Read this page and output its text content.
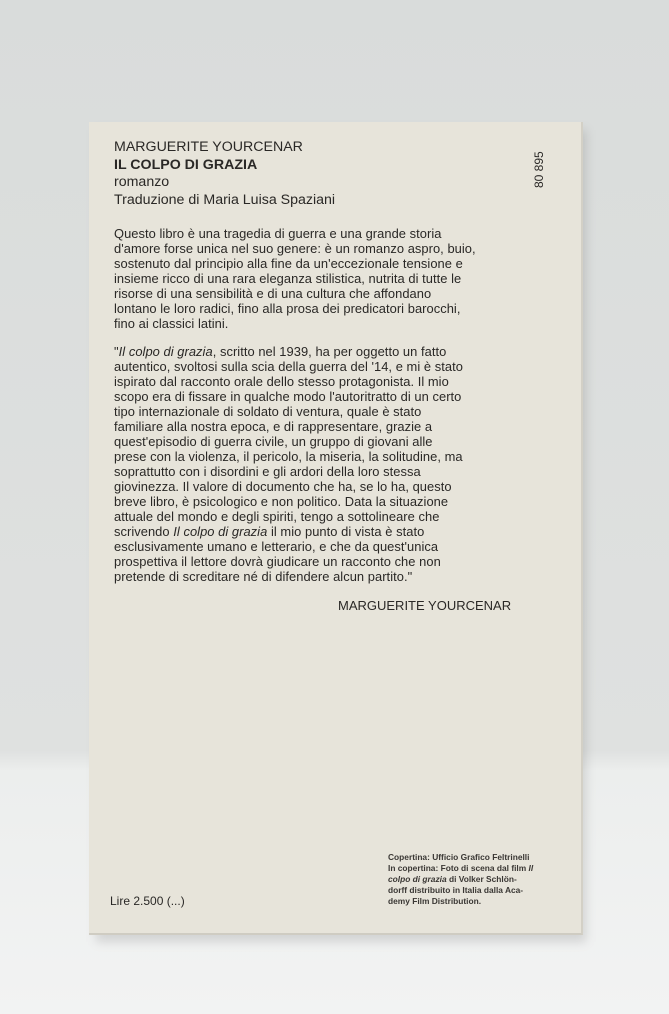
MARGUERITE YOURCENAR
IL COLPO DI GRAZIA
romanzo
Traduzione di Maria Luisa Spaziani
80 895
Questo libro è una tragedia di guerra e una grande storia
d'amore forse unica nel suo genere: è un romanzo aspro, buio,
sostenuto dal principio alla fine da un'eccezionale tensione e
insieme ricco di una rara eleganza stilistica, nutrita di tutte le
risorse di una sensibilità e di una cultura che affondano
lontano le loro radici, fino alla prosa dei predicatori barocchi,
fino ai classici latini.
"Il colpo di grazia, scritto nel 1939, ha per oggetto un fatto
autentico, svoltosi sulla scia della guerra del '14, e mi è stato
ispirato dal racconto orale dello stesso protagonista. Il mio
scopo era di fissare in qualche modo l'autoritratto di un certo
tipo internazionale di soldato di ventura, quale è stato
familiare alla nostra epoca, e di rappresentare, grazie a
quest'episodio di guerra civile, un gruppo di giovani alle
prese con la violenza, il pericolo, la miseria, la solitudine, ma
soprattutto con i disordini e gli ardori della loro stessa
giovinezza. Il valore di documento che ha, se lo ha, questo
breve libro, è psicologico e non politico. Data la situazione
attuale del mondo e degli spiriti, tengo a sottolineare che
scrivendo Il colpo di grazia il mio punto di vista è stato
esclusivamente umano e letterario, e che da quest'unica
prospettiva il lettore dovrà giudicare un racconto che non
pretende di screditare né di difendere alcun partito."
MARGUERITE YOURCENAR
Lire 2.500 (...)
Copertina: Ufficio Grafico Feltrinelli
In copertina: Foto di scena dal film Il
colpo di grazia di Volker Schlön-
dorff distribuito in Italia dalla Aca-
demy Film Distribution.
